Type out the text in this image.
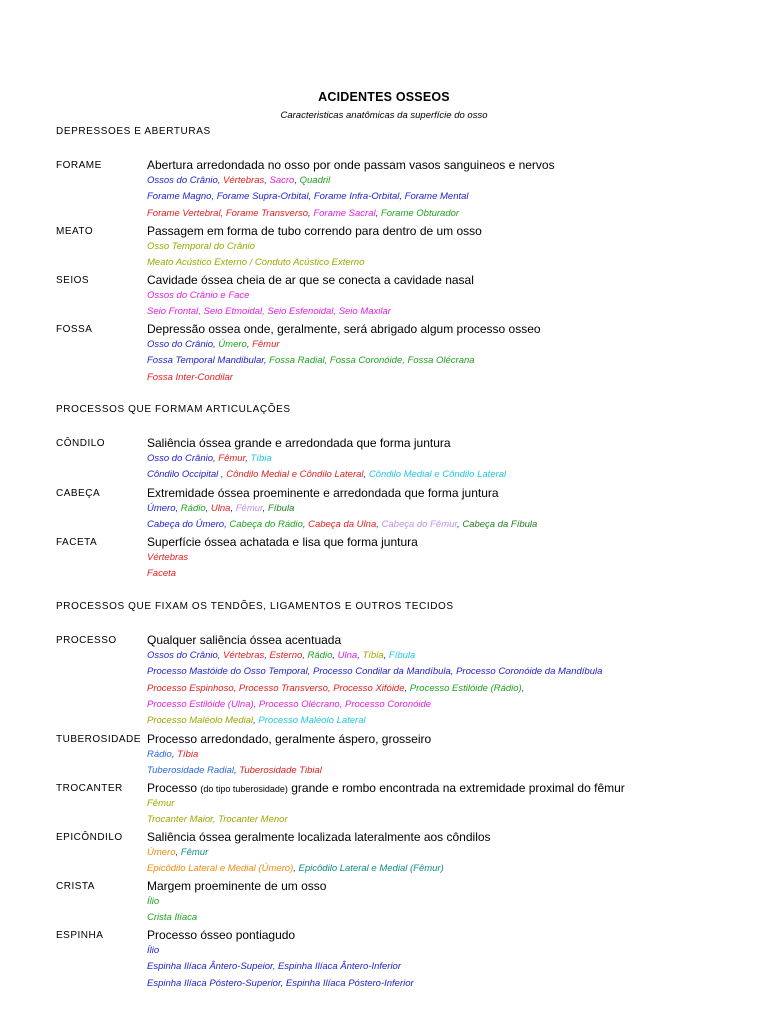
ACIDENTES OSSEOS
Caracteristicas anatômicas da superfície do osso
DEPRESSOES E ABERTURAS
FORAME	Abertura arredondada no osso por onde passam vasos sanguineos e nervos
Ossos do Crânio, Vértebras, Sacro, Quadril
Forame Magno, Forame Supra-Orbital, Forame Infra-Orbital, Forame Mental
Forame Vertebral, Forame Transverso, Forame Sacral, Forame Obturador
MEATO	Passagem em forma de tubo correndo para dentro de um osso
Osso Temporal do Crânio
Meato Acústico Externo / Conduto Acústico Externo
SEIOS	Cavidade óssea cheia de ar que se conecta a cavidade nasal
Ossos do Crânio e Face
Seio Frontal, Seio Etmoidal, Seio Esfenoidal, Seio Maxilar
FOSSA	Depressão ossea onde, geralmente, será abrigado algum processo osseo
Osso do Crânio, Úmero, Fêmur
Fossa Temporal Mandibular, Fossa Radial, Fossa Coronóide, Fossa Olécrana
Fossa Inter-Condilar
PROCESSOS QUE FORMAM ARTICULAÇÕES
CÔNDILO	Saliência óssea grande e arredondada que forma juntura
Osso do Crânio, Fêmur, Tíbia
Côndilo Occipital , Côndilo Medial e Côndilo Lateral, Côndilo Medial e Côndilo Lateral
CABEÇA	Extremidade óssea proeminente e arredondada que forma juntura
Úmero, Rádio, Ulna, Fêmur, Fíbula
Cabeça do Úmero, Cabeça do Rádio, Cabeça da Ulna, Cabeça do Fêmur, Cabeça da Fíbula
FACETA	Superfície óssea achatada e lisa que forma juntura
Vértebras
Faceta
PROCESSOS QUE FIXAM OS TENDÕES, LIGAMENTOS E OUTROS TECIDOS
PROCESSO	Qualquer saliência óssea acentuada
Ossos do Crânio, Vértebras, Esterno, Rádio, Ulna, Tíbia, Fíbula
Processo Mastóide do Osso Temporal, Processo Condilar da Mandíbula, Processo Coronóide da Mandíbula
Processo Espinhoso, Processo Transverso, Processo Xifóide, Processo Estilóide (Rádio),
Processo Estilóide (Ulna), Processo Olécrano, Processo Coronóide
Processo Maléolo Medial, Processo Maléolo Lateral
TUBEROSIDADE Processo arredondado, geralmente áspero, grosseiro
Rádio, Tíbia
Tuberosidade Radial, Tuberosidade Tibial
TROCANTER Processo (do tipo tuberosidade) grande e rombo encontrada na extremidade proximal do fêmur
Fêmur
Trocanter Maior, Trocanter Menor
EPICÔNDILO Saliência óssea geralmente localizada lateralmente aos côndilos
Úmero, Fêmur
Epicôdilo Lateral e Medial (Úmero), Epicôdilo Lateral e Medial (Fêmur)
CRISTA	Margem proeminente de um osso
Ílio
Crista Ilíaca
ESPINHA	Processo ósseo pontiagudo
Ílio
Espinha Ilíaca Ântero-Supeior, Espinha Ilíaca Ântero-Inferior
Espinha Ilíaca Póstero-Superior, Espinha Ilíaca Póstero-Inferior
